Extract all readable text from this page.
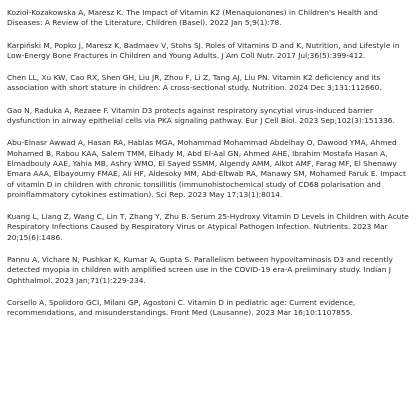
Kozioł-Kozakowska A, Maresz K. The Impact of Vitamin K2 (Menaquionones) in Children's Health and Diseases: A Review of the Literature. Children (Basel). 2022 Jan 5;9(1):78.

Karpiński M, Popko J, Maresz K, Badmaev V, Stohs SJ. Roles of Vitamins D and K, Nutrition, and Lifestyle in Low-Energy Bone Fractures in Children and Young Adults. J Am Coll Nutr. 2017 Jul;36(5):399-412.

Chen LL, Xu KW, Cao RX, Shen GH, Liu JR, Zhou F, Li Z, Tang AJ, Liu PN. Vitamin K2 deficiency and its association with short stature in children: A cross-sectional study. Nutrition. 2024 Dec 3;131:112660.

Gao N, Raduka A, Rezaee F. Vitamin D3 protects against respiratory syncytial virus-induced barrier dysfunction in airway epithelial cells via PKA signaling pathway. Eur J Cell Biol. 2023 Sep;102(3):151336.

Abu-Elnasr Awwad A, Hasan RA, Hablas MGA, Mohammad Mohammad Abdelhay O, Dawood YMA, Ahmed Mohamed B, Rabou KAA, Salem TMM, Elhady M, Abd El-Aal GN, Ahmed AHE, Ibrahim Mostafa Hasan A, Elmadbouly AAE, Yahia MB, Ashry WMO, El Sayed SSMM, Algendy AMM, Alkot AMF, Farag MF, El Shenawy Emara AAA, Elbayoumy FMAE, Ali HF, Aldesoky MM, Abd-Eltwab RA, Manawy SM, Mohamed Faruk E. Impact of vitamin D in children with chronic tonsillitis (immunohistochemical study of CD68 polarisation and proinflammatory cytokines estimation). Sci Rep. 2023 May 17;13(1):8014.

Kuang L, Liang Z, Wang C, Lin T, Zhang Y, Zhu B. Serum 25-Hydroxy Vitamin D Levels in Children with Acute Respiratory Infections Caused by Respiratory Virus or Atypical Pathogen Infection. Nutrients. 2023 Mar 20;15(6):1486.

Pannu A, Vichare N, Pushkar K, Kumar A, Gupta S. Parallelism between hypovitaminosis D3 and recently detected myopia in children with amplified screen use in the COVID-19 era-A preliminary study. Indian J Ophthalmol. 2023 Jan;71(1):229-234.

Corsello A, Spolidoro GCI, Milani GP, Agostoni C. Vitamin D in pediatric age: Current evidence, recommendations, and misunderstandings. Front Med (Lausanne). 2023 Mar 16;10:1107855.
